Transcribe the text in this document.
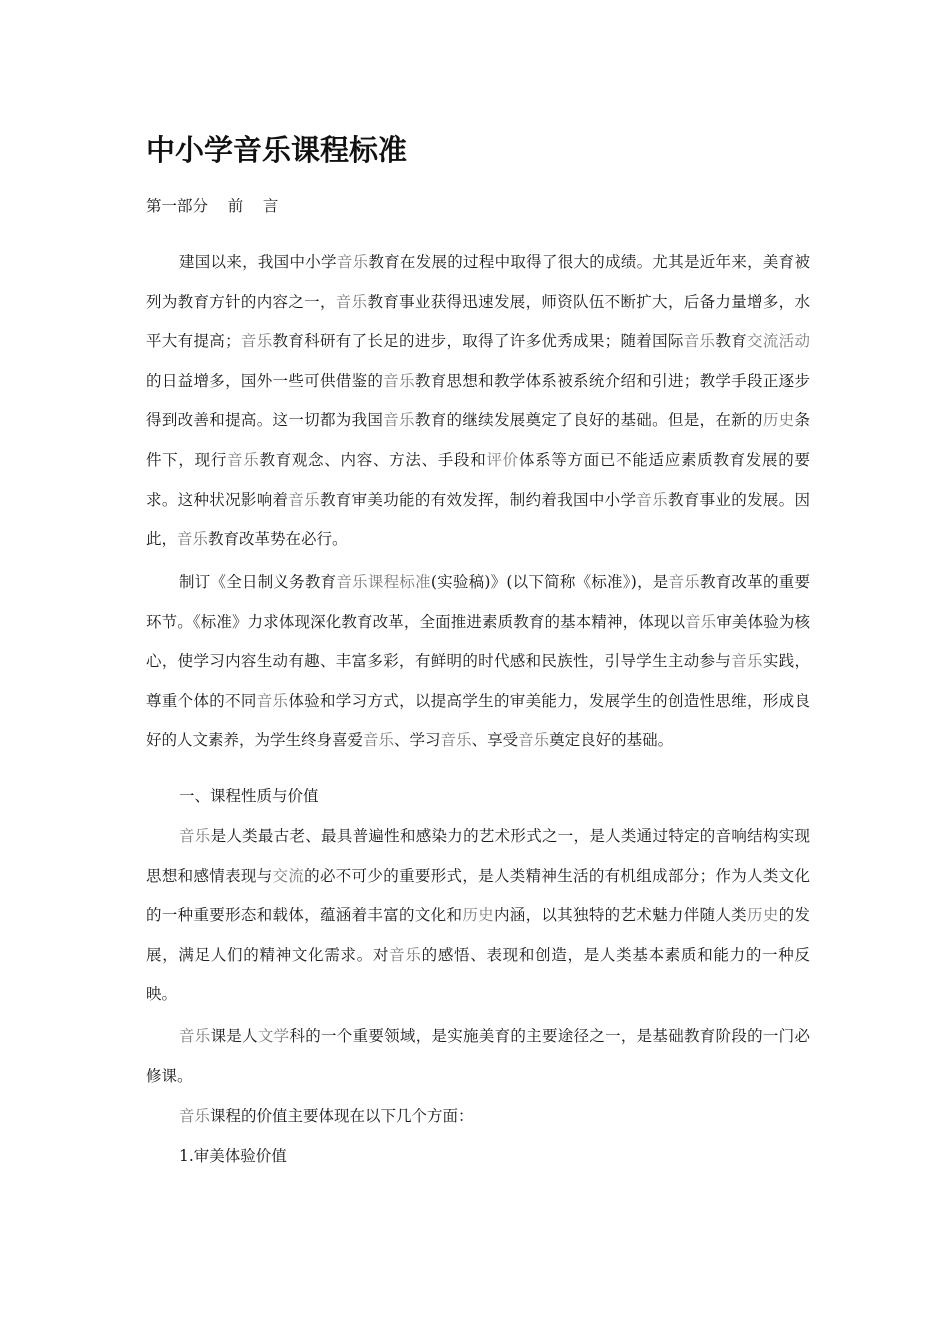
中小学音乐课程标准
第一部分    前    言

建国以来，我国中小学音乐教育在发展的过程中取得了很大的成绩。尤其是近年来，美育被列为教育方针的内容之一，音乐教育事业获得迅速发展，师资队伍不断扩大，后备力量增多，水平大有提高；音乐教育科研有了长足的进步，取得了许多优秀成果；随着国际音乐教育交流活动的日益增多，国外一些可供借鉴的音乐教育思想和教学体系被系统介绍和引进；教学手段正逐步得到改善和提高。这一切都为我国音乐教育的继续发展奠定了良好的基础。但是，在新的历史条件下，现行音乐教育观念、内容、方法、手段和评价体系等方面已不能适应素质教育发展的要求。这种状况影响着音乐教育审美功能的有效发挥，制约着我国中小学音乐教育事业的发展。因此，音乐教育改革势在必行。

制订《全日制义务教育音乐课程标准(实验稿)》(以下简称《标准》)，是音乐教育改革的重要环节。《标准》力求体现深化教育改革，全面推进素质教育的基本精神，体现以音乐审美体验为核心，使学习内容生动有趣、丰富多彩，有鲜明的时代感和民族性，引导学生主动参与音乐实践，尊重个体的不同音乐体验和学习方式，以提高学生的审美能力，发展学生的创造性思维，形成良好的人文素养，为学生终身喜爱音乐、学习音乐、享受音乐奠定良好的基础。

一、课程性质与价值

音乐是人类最古老、最具普遍性和感染力的艺术形式之一，是人类通过特定的音响结构实现思想和感情表现与交流的必不可少的重要形式，是人类精神生活的有机组成部分；作为人类文化的一种重要形态和载体，蕴涵着丰富的文化和历史内涵，以其独特的艺术魅力伴随人类历史的发展，满足人们的精神文化需求。对音乐的感悟、表现和创造，是人类基本素质和能力的一种反映。

音乐课是人文学科的一个重要领域，是实施美育的主要途径之一，是基础教育阶段的一门必修课。

音乐课程的价值主要体现在以下几个方面：

1.审美体验价值
